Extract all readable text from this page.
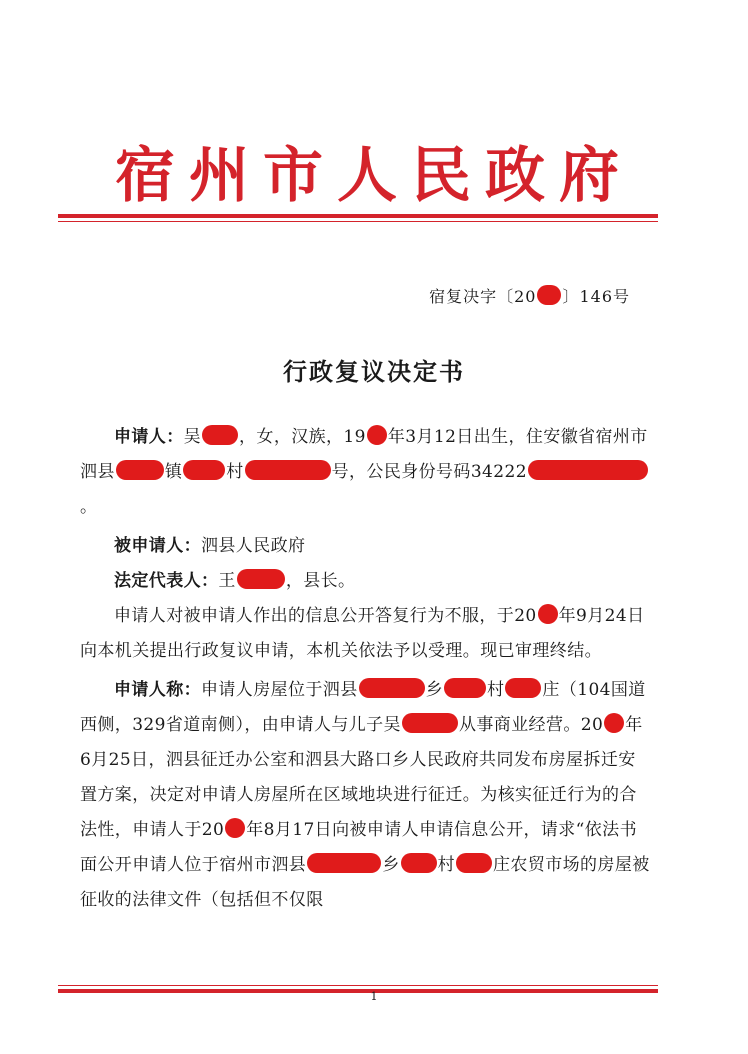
宿州市人民政府
宿复决字〔20 〕146号
行政复议决定书

申请人：吴 ，女，汉族，19 年3月12日出生，住安徽省宿州市泗县	镇	村	号，公民身份号码34222。

被申请人：泗县人民政府

法定代表人：王	，县长。

申请人对被申请人作出的信息公开答复行为不服，于20 年9月24日向本机关提出行政复议申请，本机关依法予以受理。现已审理终结。

申请人称：申请人房屋位于泗县	乡	村 庄（104国道西侧，329省道南侧），由申请人与儿子吴	从事商业经营。20 年6月25日，泗县征迁办公室和泗县大路口乡人民政府共同发布房屋拆迁安置方案，决定对申请人房屋所在区域地块进行征迁。为核实征迁行为的合法性，申请人于20 年8月17日向被申请人申请信息公开，请求“依法书面公开申请人位于宿州市泗县	乡 村 庄农贸市场的房屋被征收的法律文件（包括但不仅限

1
